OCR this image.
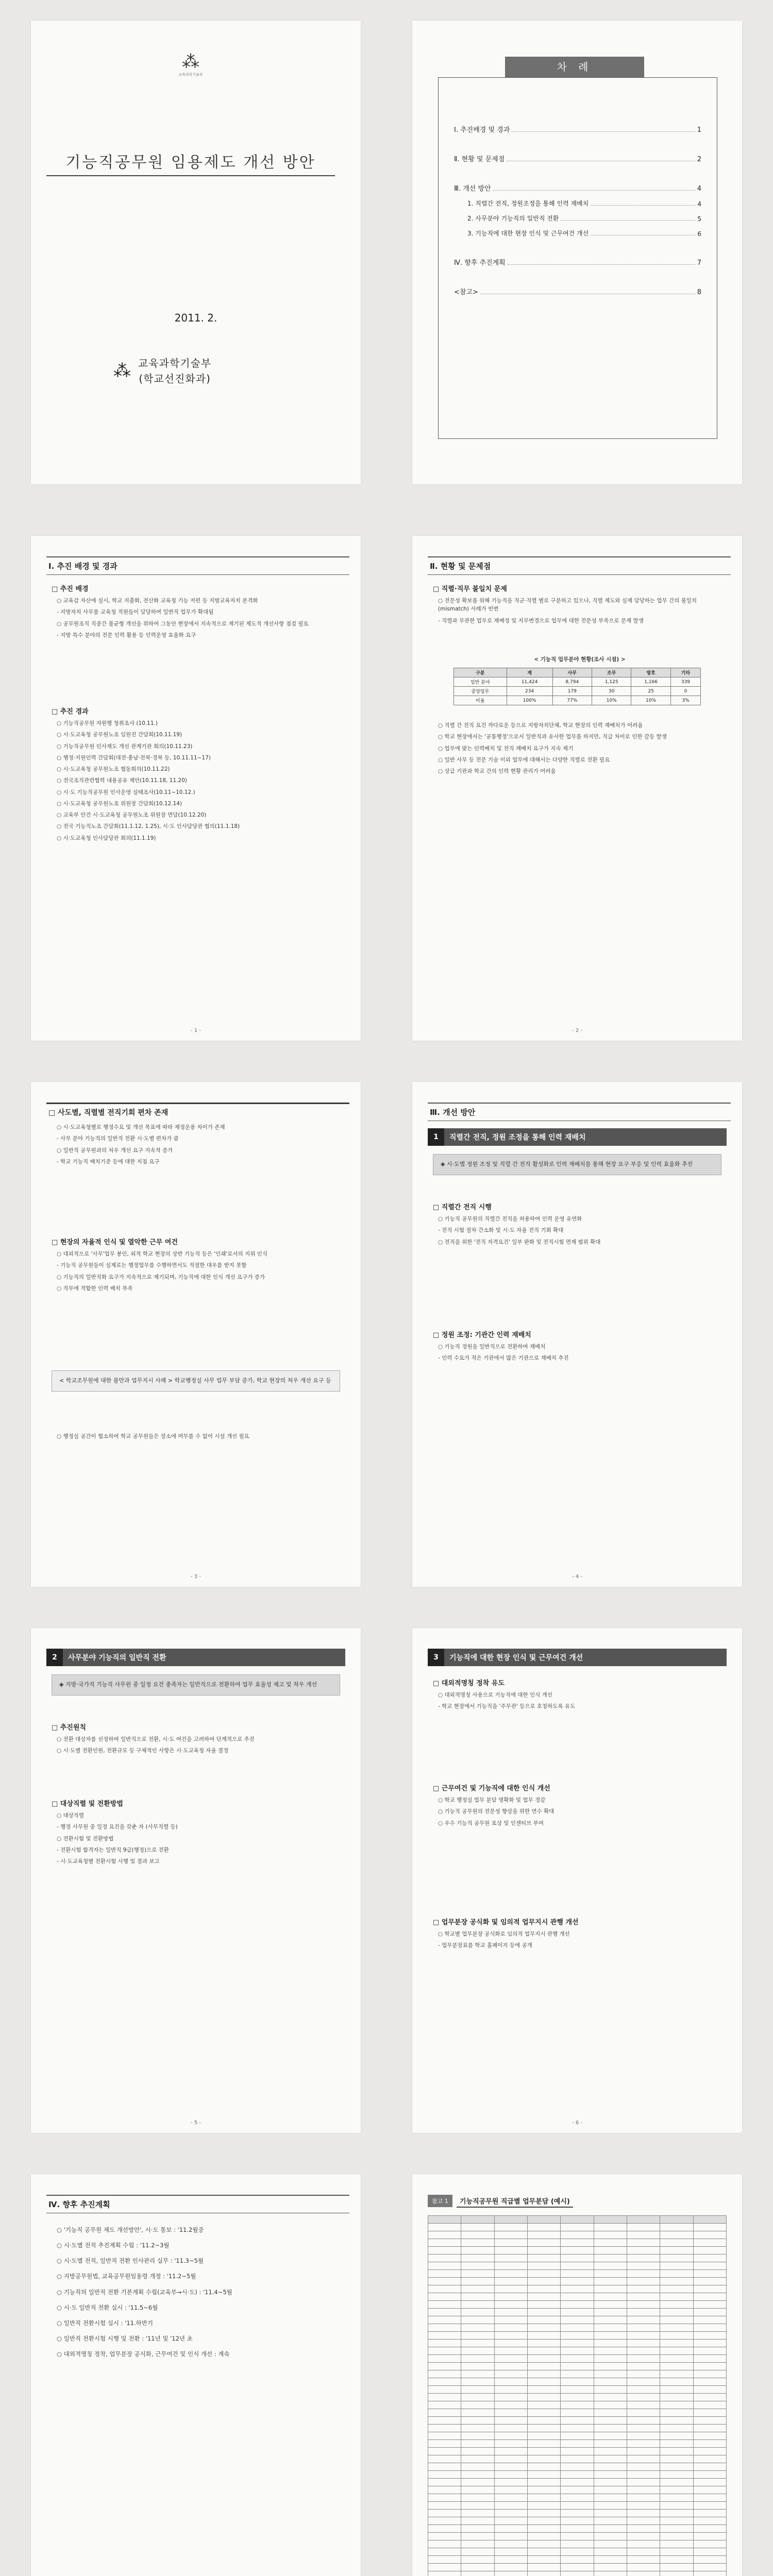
⁂
교육과학기술부
기능직공무원 임용제도 개선 방안
2011. 2.
⁂ 교육과학기술부
(학교선진화과)
Ⅰ. 추진배경 및 경과	1
Ⅱ. 현황 및 문제점	2
Ⅲ. 개선 방안	4
1. 직렬간 전직, 정원조정을 통해 인력 재배치	4
2. 사무분야 기능직의 일반직 전환	5
3. 기능직에 대한 현장 인식 및 근무여건 개선	6
Ⅳ. 향후 추진계획	7
<참고>	8
차 례
Ⅰ. 추진 배경 및 경과
□ 추진 배경

○ 교육감 자산에 실시, 학교 지출화, 전산화 교육청 기능 저편 등 지방교육자치 본격화

- 지방자치 사무를 교육청 직원들이 담당하여 일반직 업무가 확대됨

○ 공무원조직 직종간 불균형 개선을 위하여 그동안 현장에서 지속적으로 제기된 제도적 개선사항 점검 필요

- 지방 특수 분야의 전문 인력 활용 등 인력운영 효율화 요구

□ 추진 경과

○ 기능직공무원 자원행 청취조사 (10.11.)

○ 시·도교육청 공무원노조 임원진 간담회(10.11.19)

○ 기능직공무원 인사제도 개선 관계기관 회의(10.11.23)

○ 행정·지원인력 간담회(대전·충남·전북·경북 등, 10.11.11~17)

○ 시·도교육청 공무원노조 협동회의(10.11.22)

○ 전국조직관련협력 내용공유 제안(10.11.18, 11.20)

○ 시·도 기능직공무원 인사운영 실태조사(10.11~10.12.)

○ 시·도교육청 공무원노조 위원장 간담회(10.12.14)

○ 교육부 안건 시·도교육청 공무원노조 위원장 면담(10.12.20)

○ 전국 기능직노조 간담회(11.1.12, 1.25), 시·도 인사담당관 협의(11.1.18)

○ 시·도교육청 인사담당관 회의(11.1.19)

- 1 -
Ⅱ. 현황 및 문제점
□ 직렬·직무 불일치 문제

○ 전문성 확보를 위해 기능직을 직군·직렬 별로 구분하고 있으나, 직렬 제도와 실제 담당하는 업무 간의 불일치(mismatch) 사례가 빈번

- 직렬과 무관한 업무로 재배정 및 지무변경으로 업무에 대한 전문성 부족으로 문제 발생

< 기능직 업무분야 현황(조사 시점) >
구분	계	사무	조무	방호	기타
일반 분야	11,424	8,794	1,125	1,166	339
중앙업무	234	179	30	25	0
비율	100%	77%	10%	10%	3%

○ 직렬 간 전직 요건 까다로운 등으로 지방자치단체, 학교 현장의 인력 재배치가 어려움

○ 학교 현장에서는 '공통행정'으로서 일반직과 유사한 업무를 하지만, 직급 차이로 인한 갈등 발생

○ 업무에 맞는 인력배치 및 전직 재배치 요구가 지속 제기

○ 일반 사무 등 전문 기술 이외 업무에 대해서는 다양한 직렬로 전환 필요

○ 상급 기관과 학교 간의 인력 현황 관리가 어려움

- 2 -
□ 사도별, 직렬별 전직기회 편차 존재

○ 시·도교육청별로 행정수요 및 개선 목표에 따라 재정운용 차이가 존재

- 사무 분야 기능직의 일반직 전환 시·도별 편차가 큼

○ 일반직 공무원과의 처우 개선 요구 지속적 증가

- 학교 기능직 배치기준 등에 대한 지침 요구

□ 현장의 자율적 인식 및 열악한 근무 여건

○ 대외적으로 '사무'업무 봉인, 외적 학교 현장의 상반 기능직 등은 '인쇄'로서의 지위 인식

- 기능직 공무원들이 실제로는 행정업무를 수행하면서도 적절한 대우를 받지 못함

○ 기능직의 일반직화 요구가 지속적으로 제기되며, 기능직에 대한 인식 개선 요구가 증가

○ 직무에 적합한 인력 배치 부족

< 학교조무원에 대한 불만과 업무지시 사례 > 학교행정실 사무 업무 부담 증가, 학교 현장의 처우 개선 요구 등

○ 행정실 공간이 협소하여 학교 공무원들은 장소에 머무를 수 없어 시설 개선 필요

- 3 -
Ⅲ. 개선 방안
1	직렬간 전직, 정원 조정을 통해 인력 재배치
◈ 시·도별 정원 조정 및 직렬 간 전직 활성화로 인력 재배치를 통해 현장 요구 부응 및 인력 효율화 추진
□ 직렬간 전직 시행

○ 기능직 공무원의 직렬간 전직을 허용하여 인력 운영 유연화

- 전직 시험 절차 간소화 및 시·도 자율 전직 기회 확대

○ 전직을 위한 '전직 자격요건' 일부 완화 및 전직시험 면제 범위 확대

□ 정원 조정: 기관간 인력 재배치

○ 기능직 정원을 일반직으로 전환하여 재배치

- 인력 수요가 적은 기관에서 많은 기관으로 재배치 추진

- 4 -
2	사무분야 기능직의 일반직 전환
◈ 지방·국가직 기능직 사무원 중 일정 요건 충족자는 일반직으로 전환하여 업무 효율성 제고 및 처우 개선
□ 추진원칙

○ 전환 대상자를 선정하여 일반직으로 전환, 시·도 여건을 고려하여 단계적으로 추진

○ 시·도별 전환인원, 전환규모 등 구체적인 사항은 시·도교육청 자율 결정

□ 대상직렬 및 전환방법

○ 대상직렬

- 행정 사무원 중 일정 요건을 갖춘 자 (사무직렬 등)

○ 전환시험 및 전환방법

- 전환시험 합격자는 일반직 9급(행정)으로 전환

- 시·도교육청별 전환시험 시행 및 결과 보고

- 5 -
3	기능직에 대한 현장 인식 및 근무여건 개선
□ 대외적명칭 정착 유도

○ 대외적명칭 사용으로 기능직에 대한 인식 개선

- 학교 현장에서 기능직을 '주무관' 등으로 호칭하도록 유도

□ 근무여건 및 기능직에 대한 인식 개선

○ 학교 행정실 업무 분담 명확화 및 업무 경감

○ 기능직 공무원의 전문성 향상을 위한 연수 확대

○ 우수 기능직 공무원 포상 및 인센티브 부여

□ 업무분장 공식화 및 임의적 업무지시 관행 개선

○ 학교별 업무분장 공식화로 임의적 업무지시 관행 개선

- 업무분장표를 학교 홈페이지 등에 공개

- 6 -
Ⅳ. 향후 추진계획

○ '기능직 공무원 제도 개선방안', 시·도 통보 : '11.2월중

○ 시·도별 전직 추진계획 수립 : '11.2~3월

○ 시·도별 전직, 일반직 전환 인사관리 실무 : '11.3~5월

○ 지방공무원법, 교육공무원임용령 개정 : '11.2~5월

○ 기능직의 일반직 전환 기본계획 수립(교육부→시·도) : '11.4~5월

○ 시·도 일반직 전환 실시 : '11.5~6월

○ 일반직 전환시험 실시 : '11.하반기

○ 일반직 전환시험 시행 및 전환 : '11년 및 '12년 초

○ 대외적명칭 정착, 업무분장 공식화, 근무여건 및 인식 개선 : 계속

참고 1	기능직공무원 직급별 업무분담 (예시)
